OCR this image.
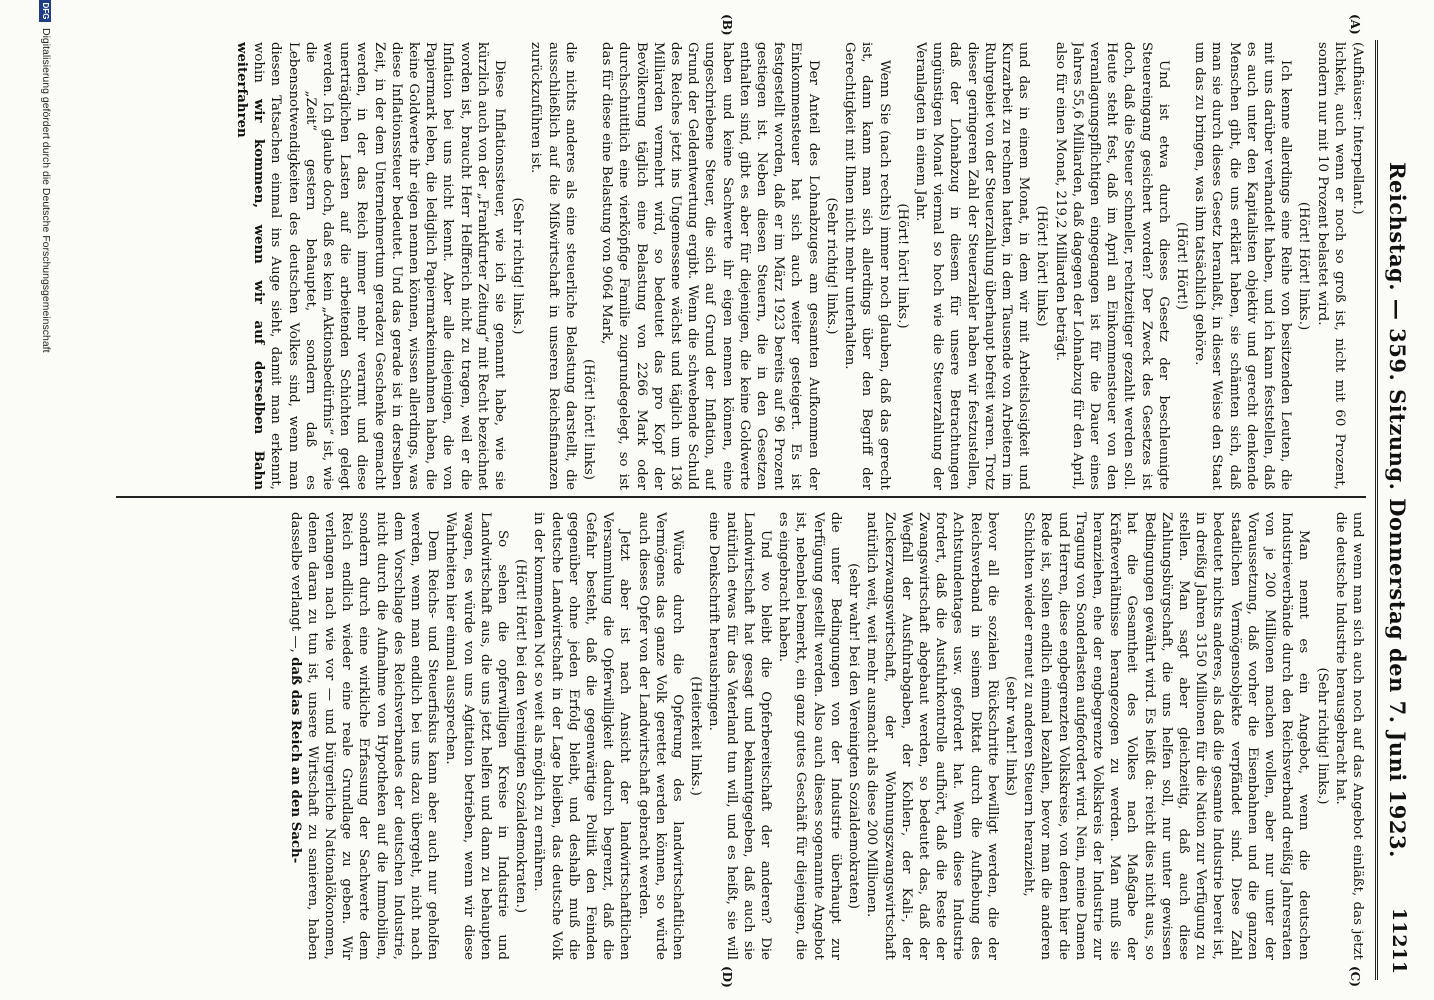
Reichstag. — 359. Sitzung. Donnerstag den 7. Juni 1923.
11211
(A)
(B)
(C)
(D)

(Aufhäuser: Interpellant.)

lichkeit, auch wenn er noch so groß ist, nicht mit 60 Prozent, sondern nur mit 10 Prozent belastet wird.

(Hört! Hört! links.)

Ich kenne allerdings eine Reihe von besitzenden Leuten, die mit uns darüber verhandelt haben, und ich kann feststellen, daß es auch unter den Kapitalisten objektiv und gerecht denkende Menschen gibt, die uns erklärt haben, sie schämten sich, daß man sie durch dieses Gesetz heranlaßt, in dieser Weise den Staat um das zu bringen, was ihm tatsächlich gehöre.

(Hört! Hört!)

Und ist etwa durch dieses Gesetz der beschleunigte Steuereingang gesichert worden? Der Zweck des Gesetzes ist doch, daß die Steuer schneller, rechtzeitiger gezahlt werden soll. Heute steht fest, daß im April an Einkommensteuer von den veranlagungspflichtigen eingegangen ist für die Dauer eines Jahres 55,6 Milliarden, daß dagegen der Lohnabzug für den April, also für einen Monat, 219,2 Milliarden beträgt.

(Hört! hört! links)

und das in einem Monat, in dem wir mit Arbeitslosigkeit und Kurzarbeit zu rechnen hatten, in dem Tausende von Arbeitern im Ruhrgebiet von der Steuerzahlung überhaupt befreit waren. Trotz dieser geringeren Zahl der Steuerzahler haben wir festzustellen, daß der Lohnabzug in diesem für unsere Betrachtungen ungünstigen Monat viermal so hoch wie die Steuerzahlung der Veranlagten in einem Jahr.

(Hört! hört! links.)

Wenn Sie (nach rechts) immer noch glauben, daß das gerecht ist, dann kann man sich allerdings über den Begriff der Gerechtigkeit mit Ihnen nicht mehr unterhalten.

(Sehr richtig! links.)

Der Anteil des Lohnabzuges am gesamten Aufkommen der Einkommensteuer hat sich auch weiter gesteigert. Es ist festgestellt worden, daß er im März 1923 bereits auf 96 Prozent gestiegen ist. Neben diesen Steuern, die in den Gesetzen enthalten sind, gibt es aber für diejenigen, die keine Goldwerte haben und keine Sachwerte ihr eigen nennen können, eine ungeschriebene Steuer, die sich auf Grund der Inflation, auf Grund der Geldentwertung ergibt. Wenn die schwebende Schuld des Reiches jetzt ins Ungemessene wächst und täglich um 136 Milliarden vermehrt wird, so bedeutet das pro Kopf der Bevölkerung täglich eine Belastung von 2266 Mark oder durchschnittlich eine vierköpfige Familie zugrundegelegt, so ist das für diese eine Belastung von 9064 Mark,

(Hört! hört! links)

die nichts anderes als eine steuerliche Belastung darstellt, die ausschließlich auf die Mißwirtschaft in unseren Reichsfinanzen zurückzuführen ist.

(Sehr richtig! links.)

Diese Inflationssteuer, wie ich sie genannt habe, wie sie kürzlich auch von der „Frankfurter Zeitung“ mit Recht bezeichnet worden ist, braucht Herr Helfferich nicht zu tragen, weil er die Inflation bei uns nicht kennt. Aber alle diejenigen, die von Papiermark leben, die lediglich Papiermarkeinnahmen haben, die keine Goldwerte ihr eigen nennen können, wissen allerdings, was diese Inflationssteuer bedeutet. Und das gerade ist in derselben Zeit, in der dem Unternehmertum geradezu Geschenke gemacht werden, in der das Reich immer mehr verarmt und diese unerträglichen Lasten auf die arbeitenden Schichten gelegt werden. Ich glaube doch, daß es kein „Aktionsbedürfnis“ ist, wie die „Zeit“ gestern behauptet, sondern daß es Lebensnotwendigkeiten des deutschen Volkes sind, wenn man diesen Tatsachen einmal ins Auge sieht, damit man erkennt, wohin wir kommen, wenn wir auf derselben Bahn weiterfahren

und wenn man sich auch noch auf das Angebot einläßt, das jetzt die deutsche Industrie herausgebracht hat.

(Sehr richtig! links.)

Man nennt es ein Angebot, wenn die deutschen Industrieverbände durch den Reichsverband dreißig Jahresraten von je 200 Millionen machen wollen, aber nur unter der Voraussetzung, daß vorher die Eisenbahnen und die ganzen staatlichen Vermögensobjekte verpfändet sind. Diese Zahl bedeutet nichts anderes, als daß die gesamte Industrie bereit ist, in dreißig Jahren 3150 Millionen für die Nation zur Verfügung zu stellen. Man sagt aber gleichzeitig, daß auch diese Zahlungsbürgschaft, die uns helfen soll, nur unter gewissen Bedingungen gewährt wird. Es heißt da: reicht dies nicht aus, so hat die Gesamtheit des Volkes nach Maßgabe der Kräfteverhältnisse herangezogen zu werden. Man muß sie heranziehen, ehe der engbegrenzte Volkskreis der Industrie zur Tragung von Sonderlasten aufgefordert wird. Nein, meine Damen und Herren, diese engbegrenzten Volkskreise, von denen hier die Rede ist, sollen endlich einmal bezahlen, bevor man die anderen Schichten wieder erneut zu anderen Steuern heranzieht,

(sehr wahr! links)

bevor all die sozialen Rückschritte bewilligt werden, die der Reichsverband in seinem Diktat durch die Aufhebung des Achtstundentages usw. gefordert hat. Wenn diese Industrie fordert, daß die Ausfuhrkontrolle aufhört, daß die Reste der Zwangswirtschaft abgebaut werden, so bedeutet das, daß der Wegfall der Ausfuhrabgaben, der Kohlen-, der Kali-, der Zuckerzwangswirtschaft, der Wohnungszwangswirtschaft natürlich weit, weit mehr ausmacht als diese 200 Millionen.

(sehr wahr! bei den Vereinigten Sozialdemokraten)

die unter Bedingungen von der Industrie überhaupt zur Verfügung gestellt werden. Also auch dieses sogenannte Angebot ist, nebenbei bemerkt, ein ganz gutes Geschäft für diejenigen, die es eingebracht haben.

Und wo bleibt die Opferbereitschaft der anderen? Die Landwirtschaft hat gesagt und bekanntgegeben, daß auch sie natürlich etwas für das Vaterland tun will, und es heißt, sie will eine Denkschrift herausbringen.

(Heiterkeit links.)

Würde durch die Opferung des landwirtschaftlichen Vermögens das ganze Volk gerettet werden können, so würde auch dieses Opfer von der Landwirtschaft gebracht werden.

Jetzt aber ist nach Ansicht der landwirtschaftlichen Versammlung die Opferwilligkeit dadurch begrenzt, daß die Gefahr besteht, daß die gegenwärtige Politik den Feinden gegenüber ohne jeden Erfolg bleibt, und deshalb muß die deutsche Landwirtschaft in der Lage bleiben, das deutsche Volk in der kommenden Not so weit als möglich zu ernähren.

(Hört! Hört! bei den Vereinigten Sozialdemokraten.)

So sehen die opferwilligen Kreise in Industrie und Landwirtschaft aus, die uns jetzt helfen und dann zu behaupten wagen, es würde von uns Agitation betrieben, wenn wir diese Wahrheiten hier einmal aussprechen.

Dem Reichs- und Steuerfiskus kann aber auch nur geholfen werden, wenn man endlich bei uns dazu übergeht, nicht nach dem Vorschlage des Reichsverbandes der deutschen Industrie, nicht durch die Aufnahme von Hypotheken auf die Immobilien, sondern durch eine wirkliche Erfassung der Sachwerte dem Reich endlich wieder eine reale Grundlage zu geben. Wir verlangen nach wie vor — und bürgerliche Nationalökonomen, denen daran zu tun ist, unsere Wirtschaft zu sanieren, haben dasselbe verlangt —, daß das Reich an den Sach-

DFG
Digitalisierung gefördert durch die Deutsche Forschungsgemeinschaft
